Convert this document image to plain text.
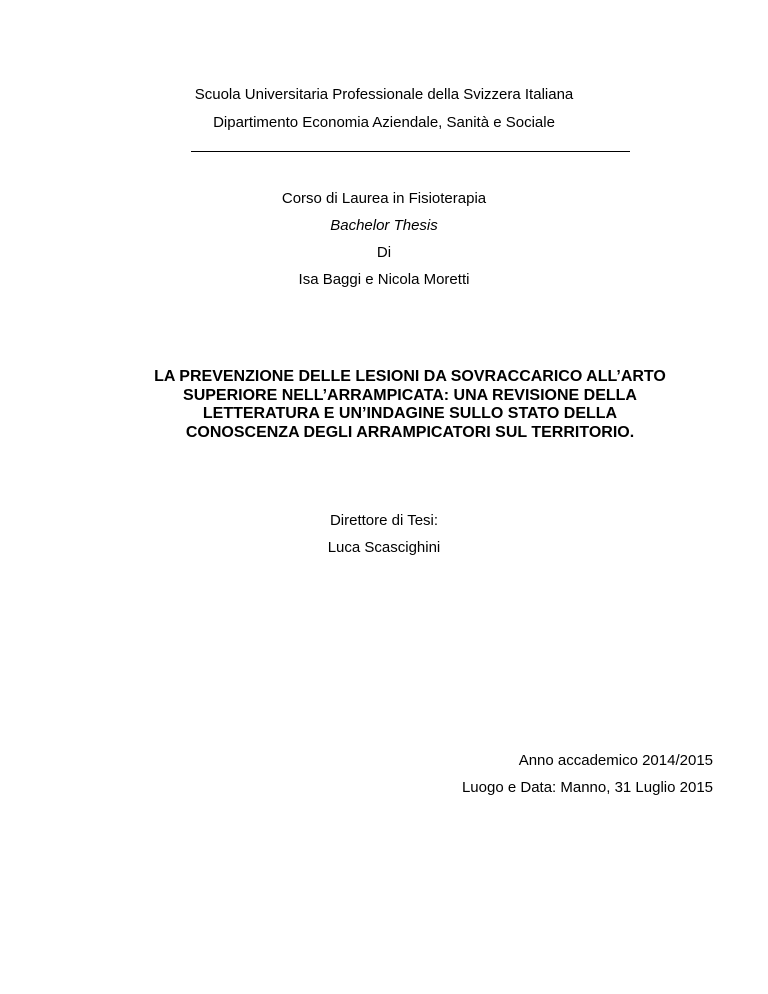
Scuola Universitaria Professionale della Svizzera Italiana
Dipartimento Economia Aziendale, Sanità e Sociale
Corso di Laurea in Fisioterapia
Bachelor Thesis
Di
Isa Baggi e Nicola Moretti
LA PREVENZIONE DELLE LESIONI DA SOVRACCARICO ALL’ARTO
SUPERIORE NELL’ARRAMPICATA: UNA REVISIONE DELLA
LETTERATURA E UN’INDAGINE SULLO STATO DELLA
CONOSCENZA DEGLI ARRAMPICATORI SUL TERRITORIO.
Direttore di Tesi:
Luca Scascighini
Anno accademico 2014/2015
Luogo e Data: Manno, 31 Luglio 2015
